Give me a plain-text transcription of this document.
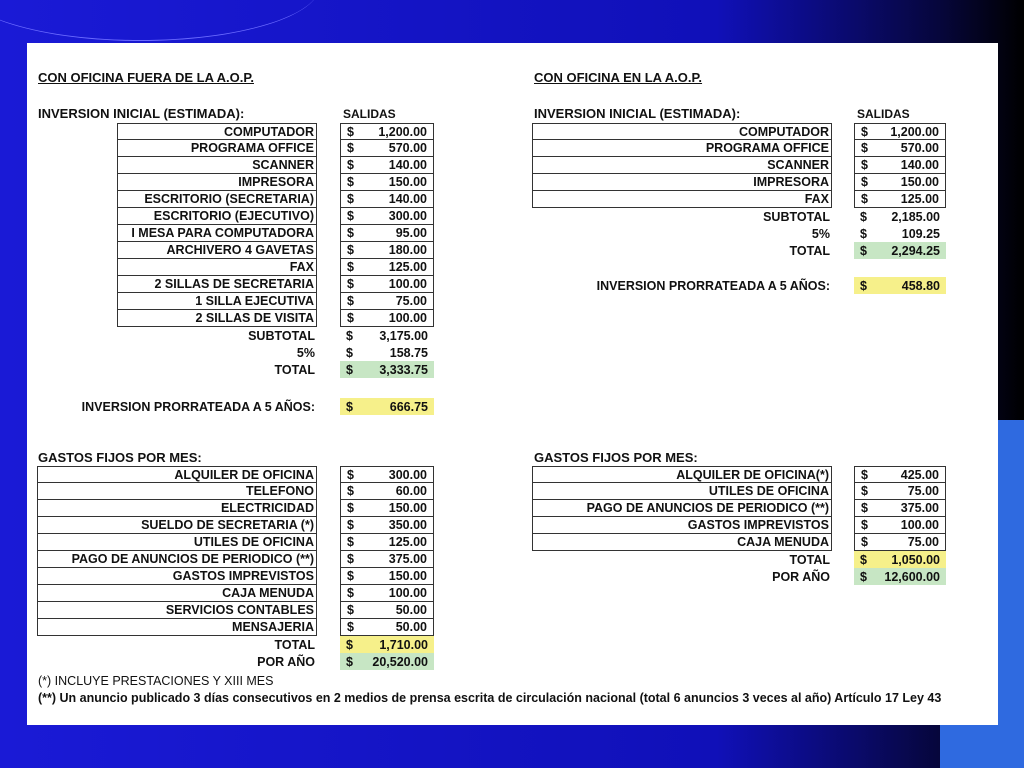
CON OFICINA FUERA DE LA A.O.P.
INVERSION INICIAL (ESTIMADA):	SALIDAS
COMPUTADOR	$ 1,200.00
PROGRAMA OFFICE	$	570.00
SCANNER	$	140.00
IMPRESORA	$	150.00
ESCRITORIO (SECRETARIA)	$	140.00
ESCRITORIO (EJECUTIVO)	$	300.00
I MESA PARA COMPUTADORA	$	95.00
ARCHIVERO 4 GAVETAS	$	180.00
FAX	$	125.00
2 SILLAS DE SECRETARIA	$	100.00
1 SILLA EJECUTIVA	$	75.00
2 SILLAS DE VISITA	$	100.00
SUBTOTAL $ 3,175.00
5% $	158.75
TOTAL $ 3,333.75
INVERSION PRORRATEADA A 5 AÑOS: $	666.75
ALQUILER DE OFICINA	$	300.00
TELEFONO	$	60.00
ELECTRICIDAD	$	150.00
SUELDO DE SECRETARIA (*)	$	350.00
UTILES DE OFICINA	$	125.00
PAGO DE ANUNCIOS DE PERIODICO (**)	$	375.00
GASTOS IMPREVISTOS	$	150.00
CAJA MENUDA	$	100.00
SERVICIOS CONTABLES	$	50.00
MENSAJERIA	$	50.00
TOTAL $ 1,710.00
POR AÑO $ 20,520.00
GASTOS FIJOS POR MES:
CON OFICINA EN LA A.O.P.
INVERSION INICIAL (ESTIMADA):	SALIDAS
COMPUTADOR	$ 1,200.00
PROGRAMA OFFICE	$	570.00
SCANNER	$	140.00
IMPRESORA	$	150.00
FAX	$	125.00
SUBTOTAL $ 2,185.00
5% $	109.25
TOTAL $ 2,294.25
INVERSION PRORRATEADA A 5 AÑOS: $	458.80
ALQUILER DE OFICINA(*)	$	425.00
UTILES DE OFICINA	$	75.00
PAGO DE ANUNCIOS DE PERIODICO (**)	$	375.00
GASTOS IMPREVISTOS	$	100.00
CAJA MENUDA	$	75.00
TOTAL $ 1,050.00
POR AÑO $ 12,600.00
GASTOS FIJOS POR MES:
(*) INCLUYE PRESTACIONES Y XIII MES
(**) Un anuncio publicado 3 días consecutivos en 2 medios de prensa escrita de circulación nacional (total 6 anuncios 3 veces al año) Artículo 17 Ley 43
